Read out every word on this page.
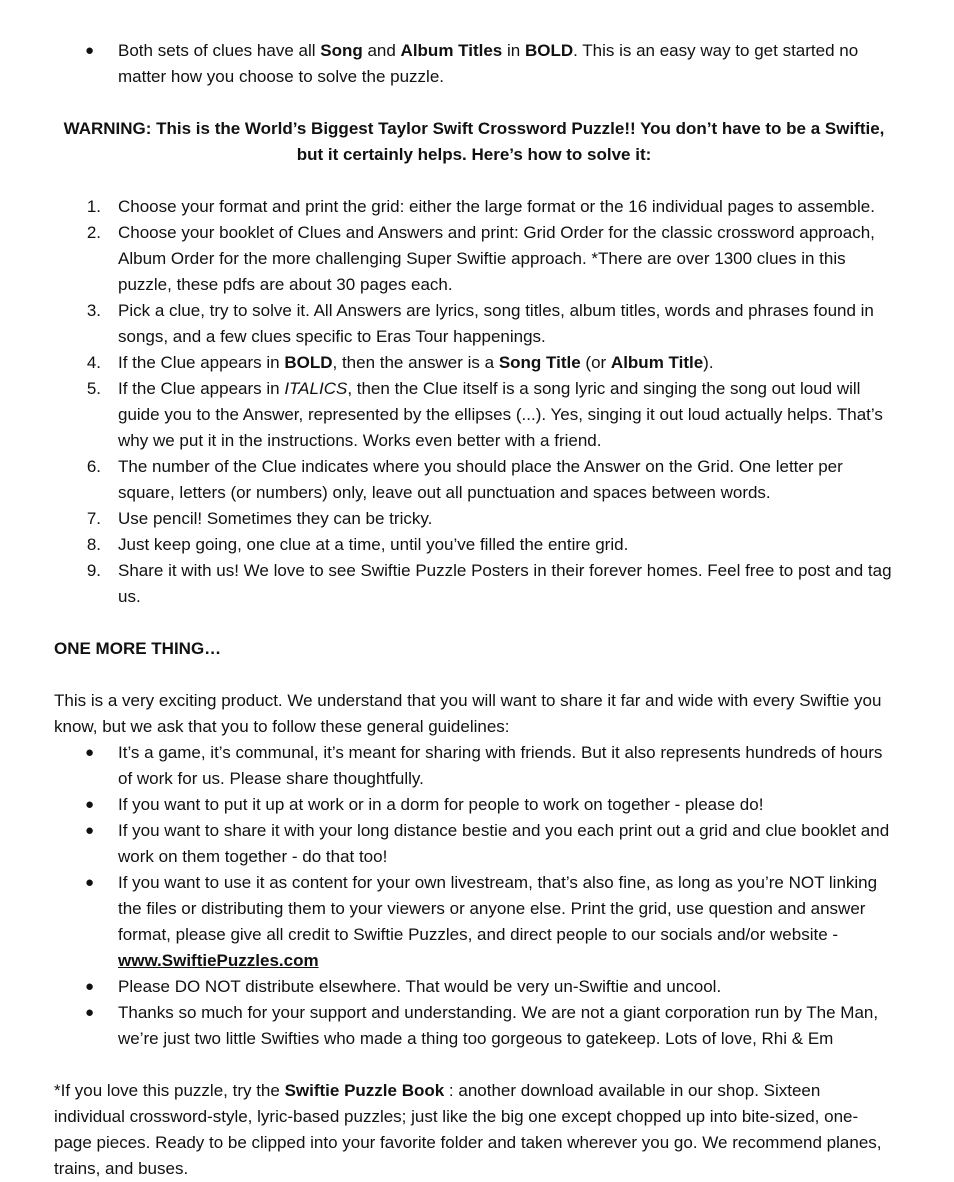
● Both sets of clues have all Song and Album Titles in BOLD. This is an easy way to get started no matter how you choose to solve the puzzle.

WARNING: This is the World’s Biggest Taylor Swift Crossword Puzzle!! You don’t have to be a Swiftie, but it certainly helps. Here’s how to solve it:

1. Choose your format and print the grid: either the large format or the 16 individual pages to assemble.
2. Choose your booklet of Clues and Answers and print: Grid Order for the classic crossword approach, Album Order for the more challenging Super Swiftie approach. *There are over 1300 clues in this puzzle, these pdfs are about 30 pages each.
3. Pick a clue, try to solve it. All Answers are lyrics, song titles, album titles, words and phrases found in songs, and a few clues specific to Eras Tour happenings.
4. If the Clue appears in BOLD, then the answer is a Song Title (or Album Title).
5. If the Clue appears in ITALICS, then the Clue itself is a song lyric and singing the song out loud will guide you to the Answer, represented by the ellipses (...). Yes, singing it out loud actually helps. That’s why we put it in the instructions. Works even better with a friend.
6. The number of the Clue indicates where you should place the Answer on the Grid. One letter per square, letters (or numbers) only, leave out all punctuation and spaces between words.
7. Use pencil! Sometimes they can be tricky.
8. Just keep going, one clue at a time, until you’ve filled the entire grid.
9. Share it with us! We love to see Swiftie Puzzle Posters in their forever homes. Feel free to post and tag us.
ONE MORE THING…
This is a very exciting product. We understand that you will want to share it far and wide with every Swiftie you know, but we ask that you to follow these general guidelines:
● It’s a game, it’s communal, it’s meant for sharing with friends. But it also represents hundreds of hours of work for us. Please share thoughtfully.
● If you want to put it up at work or in a dorm for people to work on together - please do!
● If you want to share it with your long distance bestie and you each print out a grid and clue booklet and work on them together - do that too!
● If you want to use it as content for your own livestream, that’s also fine, as long as you’re NOT linking the files or distributing them to your viewers or anyone else. Print the grid, use question and answer format, please give all credit to Swiftie Puzzles, and direct people to our socials and/or website - www.SwiftiePuzzles.com
● Please DO NOT distribute elsewhere. That would be very un-Swiftie and uncool.
● Thanks so much for your support and understanding. We are not a giant corporation run by The Man, we’re just two little Swifties who made a thing too gorgeous to gatekeep. Lots of love, Rhi & Em
*If you love this puzzle, try the Swiftie Puzzle Book : another download available in our shop. Sixteen individual crossword-style, lyric-based puzzles; just like the big one except chopped up into bite-sized, one-page pieces. Ready to be clipped into your favorite folder and taken wherever you go. We recommend planes, trains, and buses.
